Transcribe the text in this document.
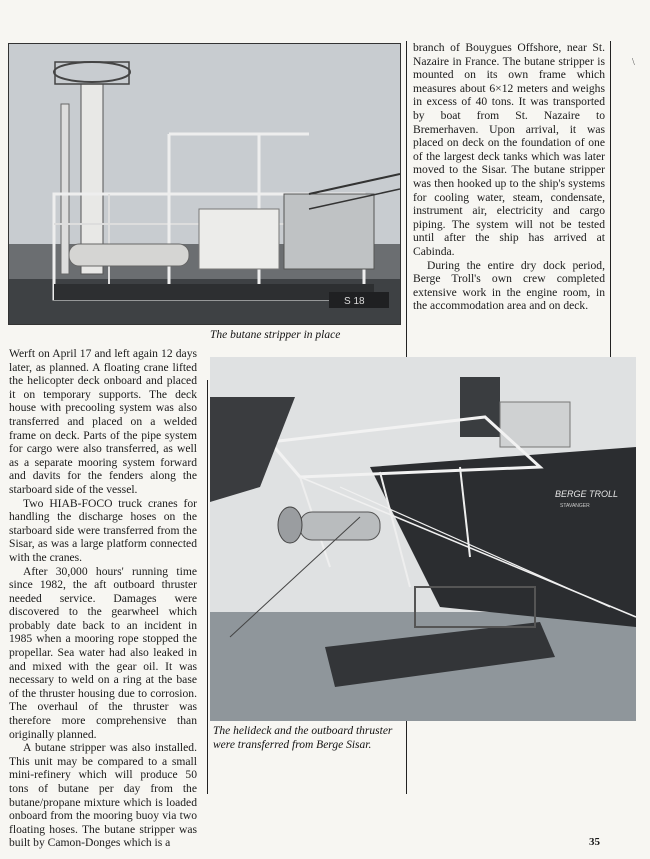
S 18
The butane stripper in place

branch of Bouygues Offshore, near St. Nazaire in France. The butane stripper is mounted on its own frame which measures about 6×12 meters and weighs in excess of 40 tons. It was transported by boat from St. Nazaire to Bremerhaven. Upon arrival, it was placed on deck on the foundation of one of the largest deck tanks which was later moved to the Sisar. The butane stripper was then hooked up to the ship's systems for cooling water, steam, condensate, instrument air, electricity and cargo piping. The system will not be tested until after the ship has arrived at Cabinda.

During the entire dry dock period, Berge Troll's own crew completed extensive work in the engine room, in the accommodation area and on deck.

Werft on April 17 and left again 12 days later, as planned. A floating crane lifted the helicopter deck onboard and placed it on temporary supports. The deck house with precooling system was also transferred and placed on a welded frame on deck. Parts of the pipe system for cargo were also transferred, as well as a separate mooring system forward and davits for the fenders along the starboard side of the vessel.

Two HIAB-FOCO truck cranes for handling the discharge hoses on the starboard side were transferred from the Sisar, as was a large platform connected with the cranes.

After 30,000 hours' running time since 1982, the aft outboard thruster needed service. Damages were discovered to the gearwheel which probably date back to an incident in 1985 when a mooring rope stopped the propellar. Sea water had also leaked in and mixed with the gear oil. It was necessary to weld on a ring at the base of the thruster housing due to corrosion. The overhaul of the thruster was therefore more comprehensive than originally planned.

A butane stripper was also installed. This unit may be compared to a small mini-refinery which will produce 50 tons of butane per day from the butane/propane mixture which is loaded onboard from the mooring buoy via two floating hoses. The butane stripper was built by Camon-Donges which is a

BERGE TROLL
STAVANGER
The helideck and the outboard thruster were transferred from Berge Sisar.
\
35
